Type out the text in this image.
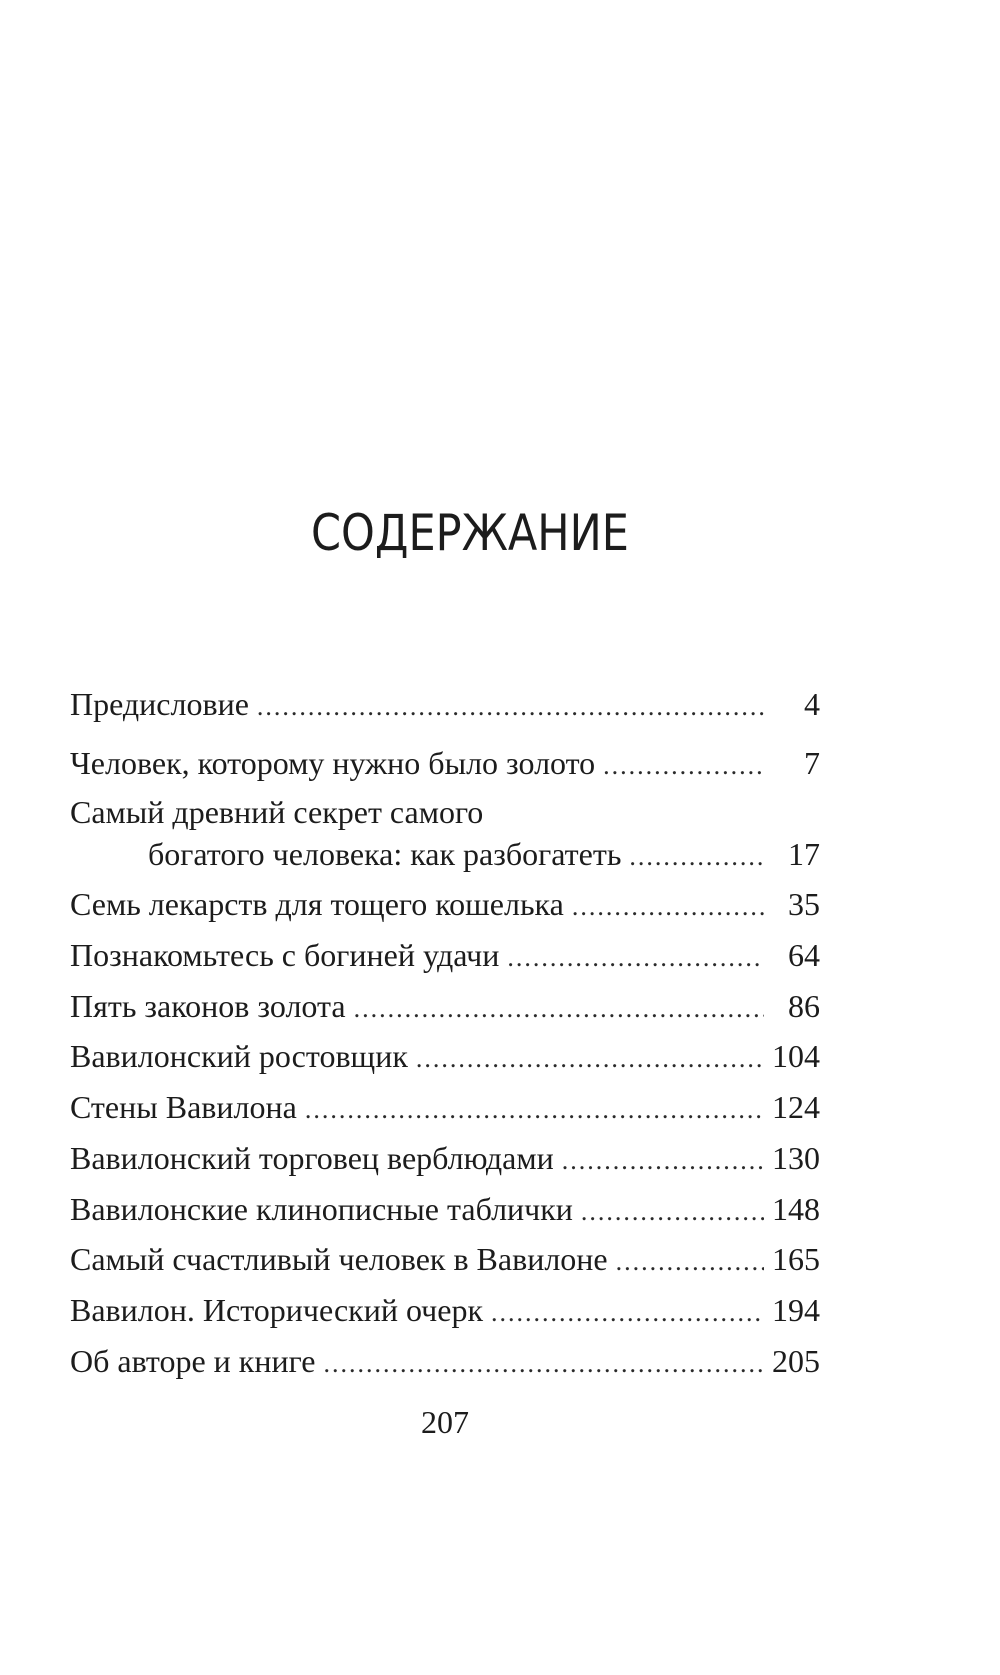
СОДЕРЖАНИЕ
Предисловие .....	4
Человек, которому нужно было золото .....	7
Самый древний секрет самого
богатого человека: как разбогатеть .....	17
Семь лекарств для тощего кошелька .....	35
Познакомьтесь с богиней удачи .....	64
Пять законов золота .....	86
Вавилонский ростовщик .....	104
Стены Вавилона .....	124
Вавилонский торговец верблюдами .....	130
Вавилонские клинописные таблички .....	148
Самый счастливый человек в Вавилоне .....	165
Вавилон. Исторический очерк .....	194
Об авторе и книге .....	205
207
